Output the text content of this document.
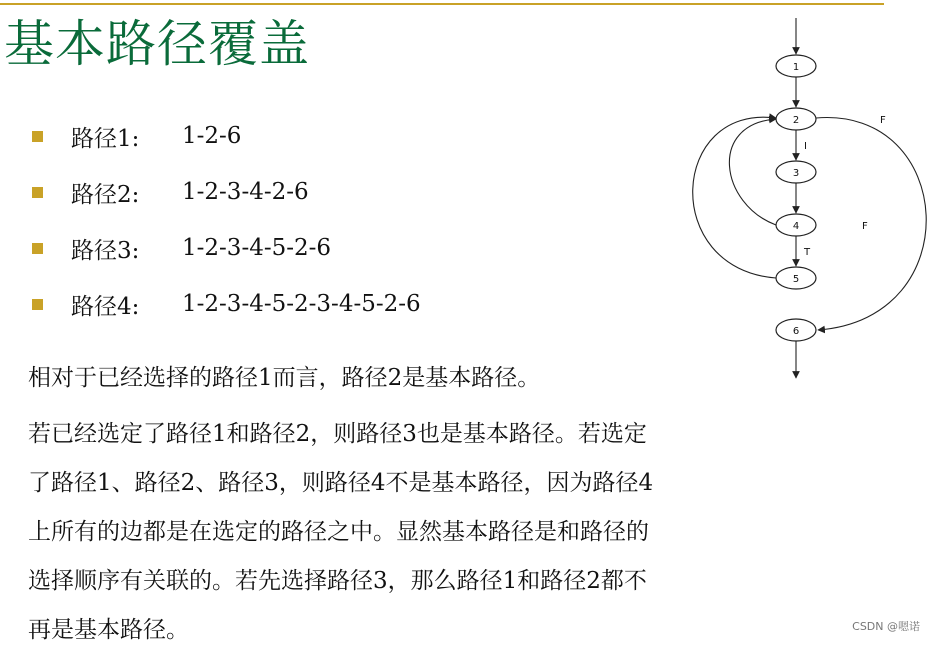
基本路径覆盖
路径1:	1-2-6
路径2:	1-2-3-4-2-6
路径3:	1-2-3-4-5-2-6
路径4:	1-2-3-4-5-2-3-4-5-2-6

相对于已经选择的路径1而言，路径2是基本路径。

若已经选定了路径1和路径2，则路径3也是基本路径。若选定
了路径1、路径2、路径3，则路径4不是基本路径，因为路径4
上所有的边都是在选定的路径之中。显然基本路径是和路径的
选择顺序有关联的。若先选择路径3，那么路径1和路径2都不
再是基本路径。
1
2
3
4
5
6
I
T
F
F
CSDN @嗯诺
